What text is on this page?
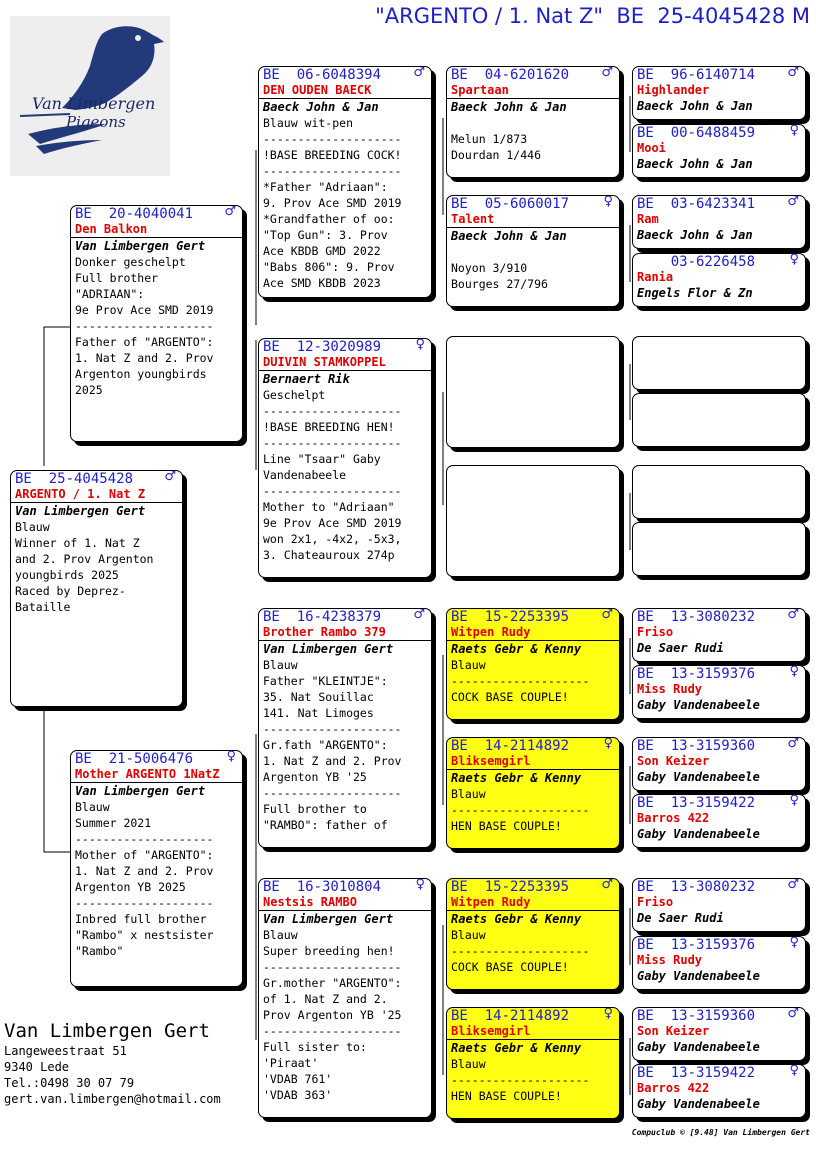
"ARGENTO / 1. Nat Z"  BE  25-4045428 M
Van Limbergen
Pigeons
BE  25-4045428 ♂
ARGENTO / 1. Nat Z
Van Limbergen Gert
Blauw
Winner of 1. Nat Z
and 2. Prov Argenton
youngbirds 2025
Raced by Deprez-
Bataille
BE  20-4040041 ♂
Den Balkon
Van Limbergen Gert
Donker geschelpt
Full brother
"ADRIAAN":
9e Prov Ace SMD 2019
--------------------
Father of "ARGENTO":
1. Nat Z and 2. Prov
Argenton youngbirds
2025
BE  21-5006476	♀
Mother ARGENTO 1NatZ
Van Limbergen Gert
Blauw
Summer 2021
--------------------
Mother of "ARGENTO":
1. Nat Z and 2. Prov
Argenton YB 2025
--------------------
Inbred full brother
"Rambo" x nestsister
"Rambo"
BE  06-6048394 ♂
DEN OUDEN BAECK
Baeck John & Jan
Blauw wit-pen
--------------------
!BASE BREEDING COCK!
--------------------
*Father "Adriaan":
9. Prov Ace SMD 2019
*Grandfather of oo:
"Top Gun": 3. Prov
Ace KBDB GMD 2022
"Babs 806": 9. Prov
Ace SMD KBDB 2023
BE  12-3020989	♀
DUIVIN STAMKOPPEL
Bernaert Rik
Geschelpt
--------------------
!BASE BREEDING HEN!
--------------------
Line "Tsaar" Gaby
Vandenabeele
--------------------
Mother to "Adriaan"
9e Prov Ace SMD 2019
won 2x1, -4x2, -5x3,
3. Chateauroux 274p
BE  16-4238379 ♂
Brother Rambo 379
Van Limbergen Gert
Blauw
Father "KLEINTJE":
35. Nat Souillac
141. Nat Limoges
--------------------
Gr.fath "ARGENTO":
1. Nat Z and 2. Prov
Argenton YB '25
--------------------
Full brother to
"RAMBO": father of
BE  16-3010804	♀
Nestsis RAMBO
Van Limbergen Gert
Blauw
Super breeding hen!
--------------------
Gr.mother "ARGENTO":
of 1. Nat Z and 2.
Prov Argenton YB '25
--------------------
Full sister to:
'Piraat'
'VDAB 761'
'VDAB 363'
BE  04-6201620 ♂
Spartaan
Baeck John & Jan

Melun 1/873
Dourdan 1/446
BE  05-6060017	♀
Talent
Baeck John & Jan

Noyon 3/910
Bourges 27/796
BE  15-2253395 ♂
Witpen Rudy
Raets Gebr & Kenny
Blauw
--------------------
COCK BASE COUPLE!
BE  14-2114892	♀
Bliksemgirl
Raets Gebr & Kenny
Blauw
--------------------
HEN BASE COUPLE!
BE  15-2253395 ♂
Witpen Rudy
Raets Gebr & Kenny
Blauw
--------------------
COCK BASE COUPLE!
BE  14-2114892	♀
Bliksemgirl
Raets Gebr & Kenny
Blauw
--------------------
HEN BASE COUPLE!
BE  96-6140714 ♂
Highlander
Baeck John & Jan
BE  00-6488459	♀
Mooi
Baeck John & Jan
BE  03-6423341 ♂
Ram
Baeck John & Jan
03-6226458	♀
Rania
Engels Flor & Zn
BE  13-3080232 ♂
Friso
De Saer Rudi
BE  13-3159376	♀
Miss Rudy
Gaby Vandenabeele
BE  13-3159360 ♂
Son Keizer
Gaby Vandenabeele
BE  13-3159422	♀
Barros 422
Gaby Vandenabeele
BE  13-3080232 ♂
Friso
De Saer Rudi
BE  13-3159376	♀
Miss Rudy
Gaby Vandenabeele
BE  13-3159360 ♂
Son Keizer
Gaby Vandenabeele
BE  13-3159422	♀
Barros 422
Gaby Vandenabeele
Van Limbergen Gert
Langeweestraat 51
9340 Lede
Tel.:0498 30 07 79
gert.van.limbergen@hotmail.com
Compuclub © [9.48] Van Limbergen Gert
